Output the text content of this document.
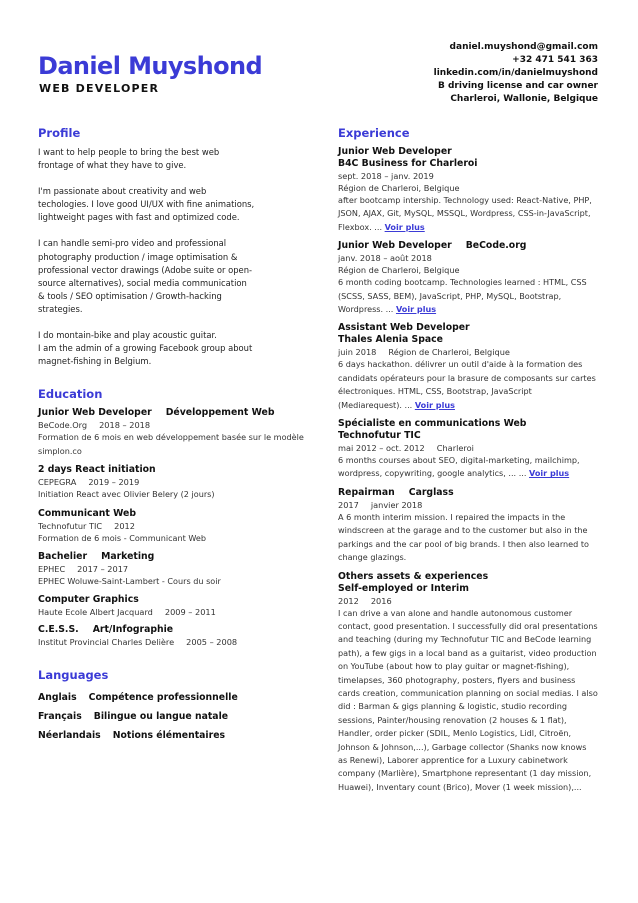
Daniel Muyshond
WEB DEVELOPER
daniel.muyshond@gmail.com
+32 471 541 363
linkedin.com/in/danielmuyshond
B driving license and car owner
Charleroi, Wallonie, Belgique
Profile
I want to help people to bring the best web
frontage of what they have to give.
I'm passionate about creativity and web
techologies. I love good UI/UX with fine animations,
lightweight pages with fast and optimized code.
I can handle semi-pro video and professional
photography production / image optimisation &
professional vector drawings (Adobe suite or open-
source alternatives), social media communication
& tools / SEO optimisation / Growth-hacking
strategies.
I do montain-bike and play acoustic guitar.
I am the admin of a growing Facebook group about
magnet-fishing in Belgium.
Education
Junior Web Developer Développement Web
BeCode.Org 2018 – 2018
Formation de 6 mois en web développement basée sur le modèle simplon.co
2 days React initiation
CEPEGRA 2019 – 2019
Initiation React avec Olivier Belery (2 jours)
Communicant Web
Technofutur TIC 2012
Formation de 6 mois - Communicant Web
Bachelier Marketing
EPHEC 2017 – 2017
EPHEC Woluwe-Saint-Lambert - Cours du soir
Computer Graphics
Haute Ecole Albert Jacquard 2009 – 2011
C.E.S.S. Art/Infographie
Institut Provincial Charles Delière 2005 – 2008
Languages
Anglais Compétence professionnelle
Français Bilingue ou langue natale
Néerlandais Notions élémentaires
Experience
Junior Web Developer
B4C Business for Charleroi
sept. 2018 – janv. 2019
Région de Charleroi, Belgique
after bootcamp intership. Technology used: React-Native, PHP, JSON, AJAX, Git, MySQL, MSSQL, Wordpress, CSS-in-JavaScript, Flexbox. ... Voir plus
Junior Web Developer BeCode.org
janv. 2018 – août 2018
Région de Charleroi, Belgique
6 month coding bootcamp. Technologies learned : HTML, CSS (SCSS, SASS, BEM), JavaScript, PHP, MySQL, Bootstrap, Wordpress. ... Voir plus
Assistant Web Developer
Thales Alenia Space
juin 2018 Région de Charleroi, Belgique
6 days hackathon. délivrer un outil d'aide à la formation des candidats opérateurs pour la brasure de composants sur cartes électroniques. HTML, CSS, Bootstrap, JavaScript (Mediarequest). ... Voir plus
Spécialiste en communications Web
Technofutur TIC
mai 2012 – oct. 2012 Charleroi
6 months courses about SEO, digital-marketing, mailchimp, wordpress, copywriting, google analytics, ... ... Voir plus
Repairman Carglass
2017 janvier 2018
A 6 month interim mission. I repaired the impacts in the windscreen at the garage and to the customer but also in the parkings and the car pool of big brands. I then also learned to change glazings.
Others assets & experiences
Self-employed or Interim
2012 2016
I can drive a van alone and handle autonomous customer contact, good presentation. I successfully did oral presentations and teaching (during my Technofutur TIC and BeCode learning path), a few gigs in a local band as a guitarist, video production on YouTube (about how to play guitar or magnet-fishing), timelapses, 360 photography, posters, flyers and business cards creation, communication planning on social medias. I also did : Barman & gigs planning & logistic, studio recording sessions, Painter/housing renovation (2 houses & 1 flat), Handler, order picker (SDIL, Menlo Logistics, Lidl, Citroën, Johnson & Johnson,...), Garbage collector (Shanks now knows as Renewi), Laborer apprentice for a Luxury cabinetwork company (Marlière), Smartphone representant (1 day mission, Huawei), Inventary count (Brico), Mover (1 week mission),...
